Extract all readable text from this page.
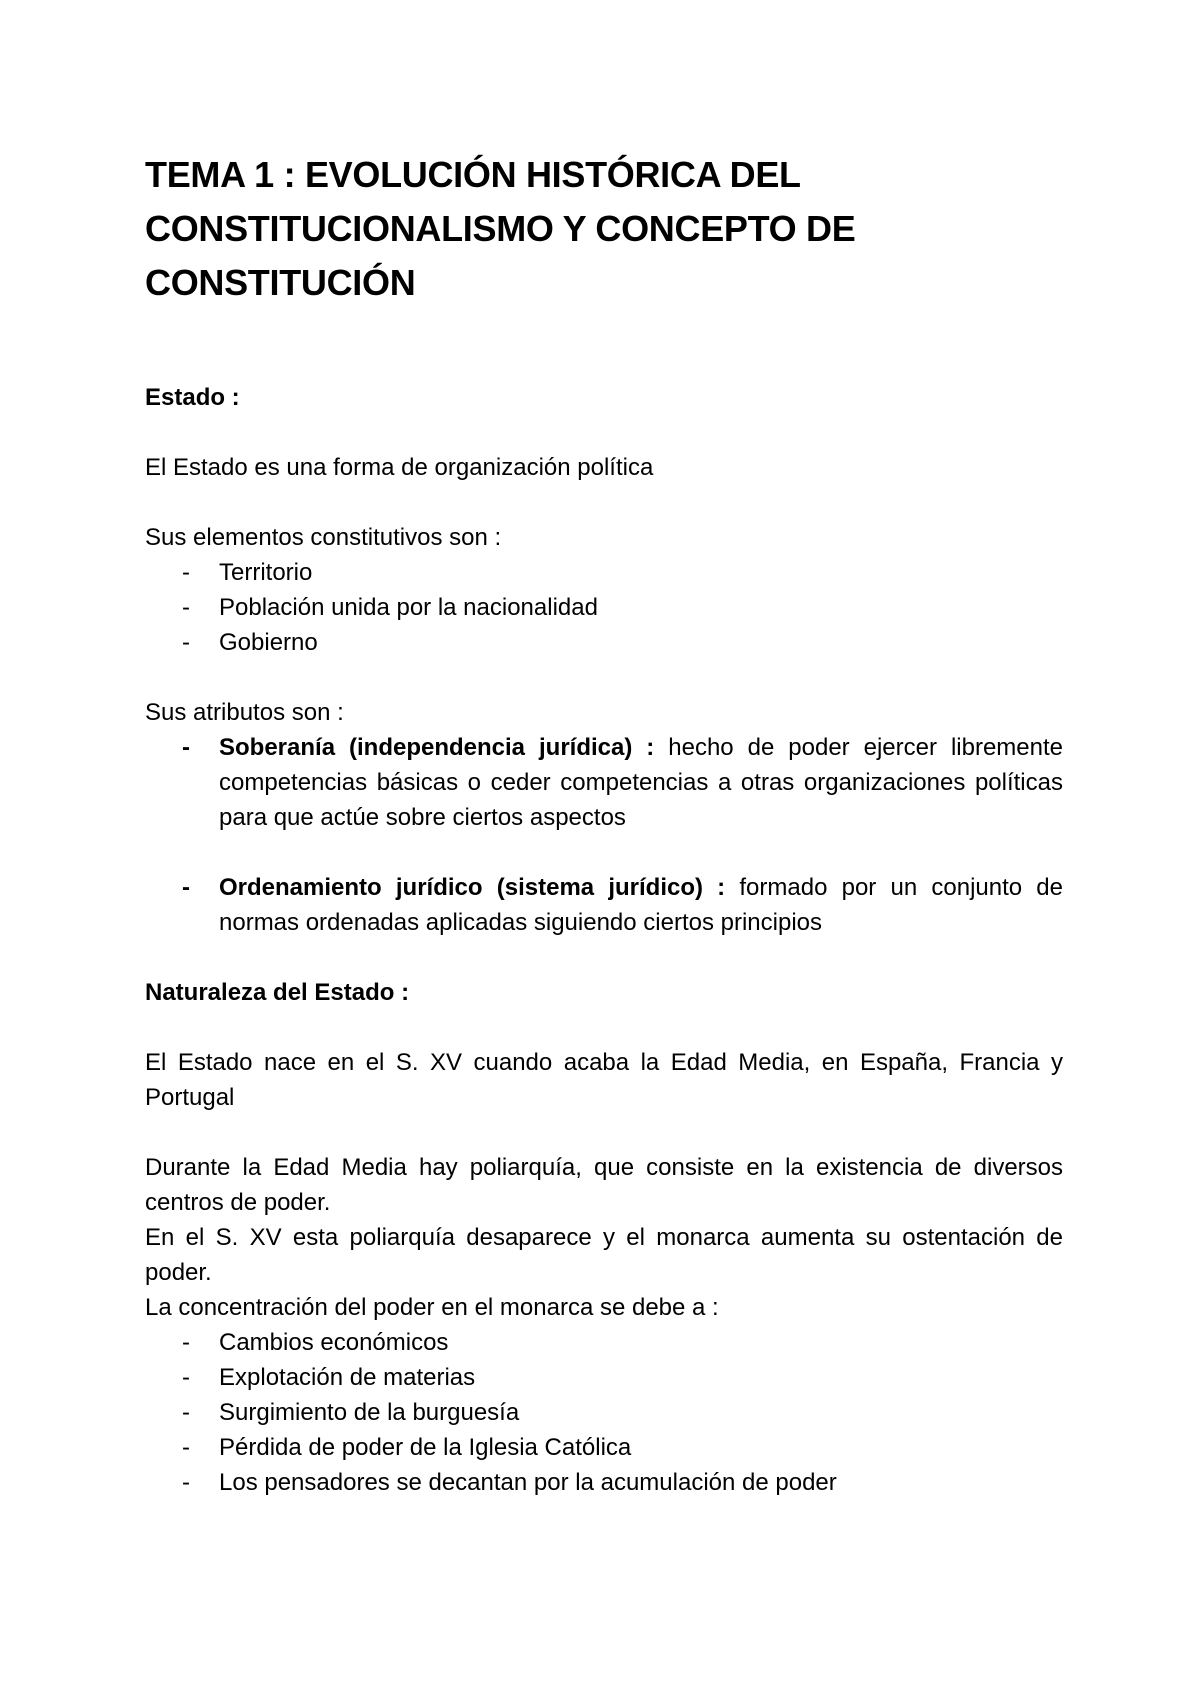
TEMA 1 : EVOLUCIÓN HISTÓRICA DEL CONSTITUCIONALISMO Y CONCEPTO DE CONSTITUCIÓN

Estado :

El Estado es una forma de organización política

Sus elementos constitutivos son :

- Territorio
- Población unida por la nacionalidad
- Gobierno

Sus atributos son :

- Soberanía (independencia jurídica) : hecho de poder ejercer libremente competencias básicas o ceder competencias a otras organizaciones políticas para que actúe sobre ciertos aspectos
- Ordenamiento jurídico (sistema jurídico) : formado por un conjunto de normas ordenadas aplicadas siguiendo ciertos principios

Naturaleza del Estado :

El Estado nace en el S. XV cuando acaba la Edad Media, en España, Francia y Portugal

Durante la Edad Media hay poliarquía, que consiste en la existencia de diversos centros de poder.

En el S. XV esta poliarquía desaparece y el monarca aumenta su ostentación de poder.

La concentración del poder en el monarca se debe a :

- Cambios económicos
- Explotación de materias
- Surgimiento de la burguesía
- Pérdida de poder de la Iglesia Católica
- Los pensadores se decantan por la acumulación de poder
